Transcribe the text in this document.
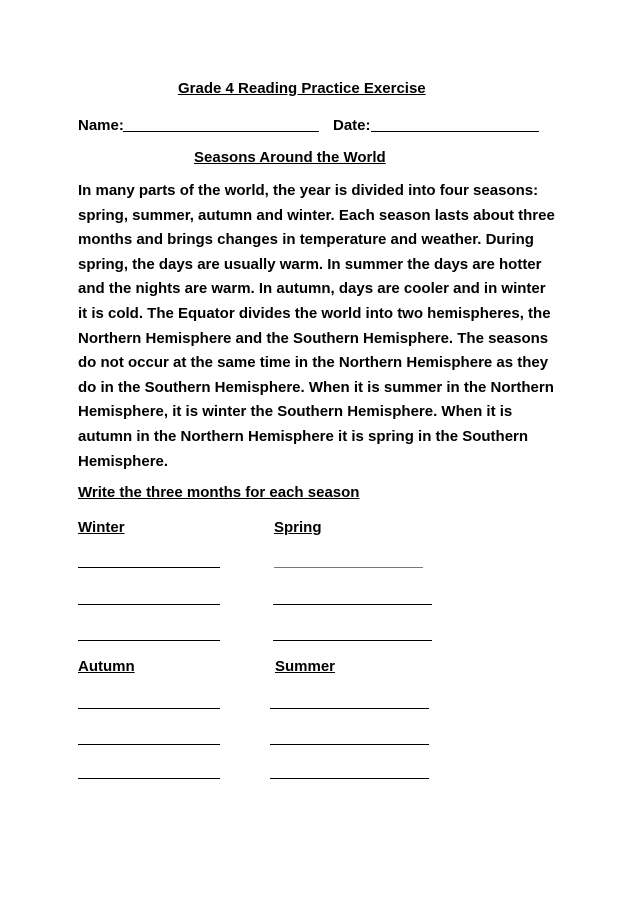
Grade 4 Reading Practice Exercise
Name:	Date:
Seasons Around the World
In many parts of the world, the year is divided into four seasons:
spring, summer, autumn and winter. Each season lasts about three
months and brings changes in temperature and weather. During
spring, the days are usually warm. In summer the days are hotter
and the nights are warm. In autumn, days are cooler and in winter
it is cold. The Equator divides the world into two hemispheres, the
Northern Hemisphere and the Southern Hemisphere. The seasons
do not occur at the same time in the Northern Hemisphere as they
do in the Southern Hemisphere. When it is summer in the Northern
Hemisphere, it is winter the Southern Hemisphere. When it is
autumn in the Northern Hemisphere it is spring in the Southern
Hemisphere.
Write the three months for each season
Winter	Spring
Autumn	Summer
